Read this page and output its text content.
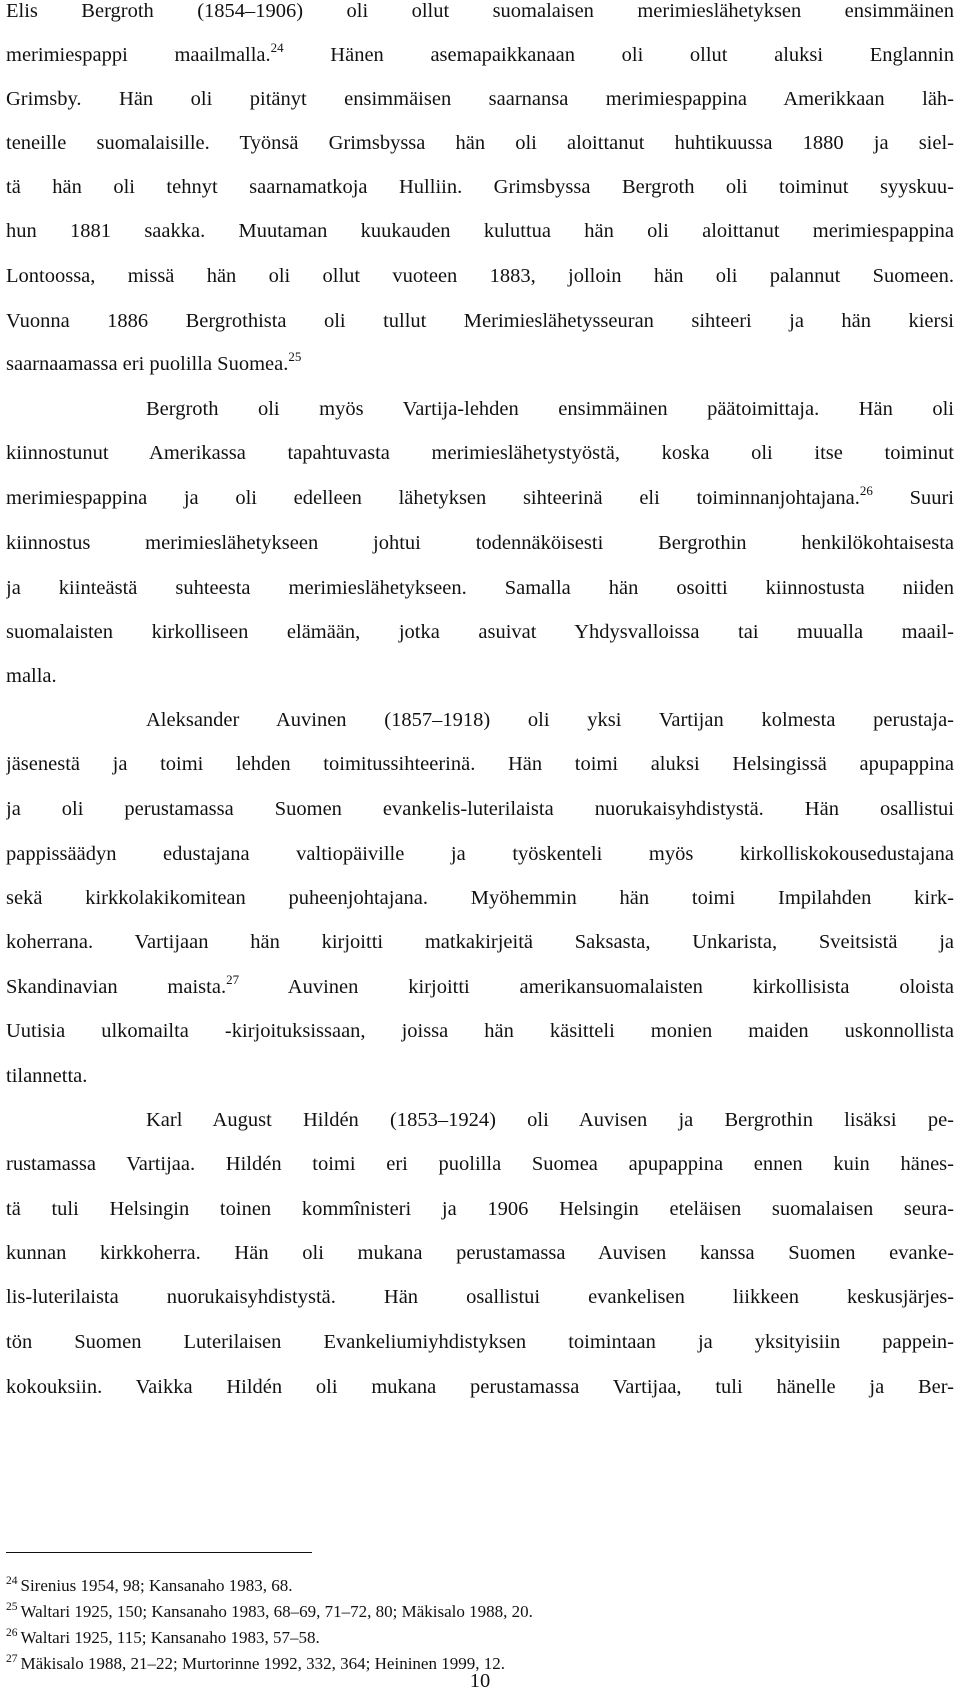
Elis Bergroth (1854–1906) oli ollut suomalaisen merimieslähetyksen ensimmäinen
merimiespappi maailmalla.$^{24}$ Hänen asemapaikkanaan oli ollut aluksi Englannin
Grimsby. Hän oli pitänyt ensimmäisen saarnansa merimiespappina Amerikkaan läh-
teneille suomalaisille. Työnsä Grimsbyssa hän oli aloittanut huhtikuussa 1880 ja siel-
tä hän oli tehnyt saarnamatkoja Hulliin. Grimsbyssa Bergroth oli toiminut syyskuu-
hun 1881 saakka. Muutaman kuukauden kuluttua hän oli aloittanut merimiespappina
Lontoossa, missä hän oli ollut vuoteen 1883, jolloin hän oli palannut Suomeen.
Vuonna 1886 Bergrothista oli tullut Merimieslähetysseuran sihteeri ja hän kiersi
saarnaamassa eri puolilla Suomea.$^{25}$
Bergroth oli myös Vartija-lehden ensimmäinen päätoimittaja. Hän oli
kiinnostunut Amerikassa tapahtuvasta merimieslähetystyöstä, koska oli itse toiminut
merimiespappina ja oli edelleen lähetyksen sihteerinä eli toiminnanjohtajana.$^{26}$ Suuri
kiinnostus merimieslähetykseen johtui todennäköisesti Bergrothin henkilökohtaisesta
ja kiinteästä suhteesta merimieslähetykseen. Samalla hän osoitti kiinnostusta niiden
suomalaisten kirkolliseen elämään, jotka asuivat Yhdysvalloissa tai muualla maail-
malla.
Aleksander Auvinen (1857–1918) oli yksi Vartijan kolmesta perustaja-
jäsenestä ja toimi lehden toimitussihteerinä. Hän toimi aluksi Helsingissä apupappina
ja oli perustamassa Suomen evankelis-luterilaista nuorukaisyhdistystä. Hän osallistui
pappissäädyn edustajana valtiopäiville ja työskenteli myös kirkolliskokousedustajana
sekä kirkkolakikomitean puheenjohtajana. Myöhemmin hän toimi Impilahden kirk-
koherrana. Vartijaan hän kirjoitti matkakirjeitä Saksasta, Unkarista, Sveitsistä ja
Skandinavian maista.$^{27}$ Auvinen kirjoitti amerikansuomalaisten kirkollisista oloista
Uutisia ulkomailta -kirjoituksissaan, joissa hän käsitteli monien maiden uskonnollista
tilannetta.
Karl August Hildén (1853–1924) oli Auvisen ja Bergrothin lisäksi pe-
rustamassa Vartijaa. Hildén toimi eri puolilla Suomea apupappina ennen kuin hänes-
tä tuli Helsingin toinen kommînisteri ja 1906 Helsingin eteläisen suomalaisen seura-
kunnan kirkkoherra. Hän oli mukana perustamassa Auvisen kanssa Suomen evanke-
lis-luterilaista nuorukaisyhdistystä. Hän osallistui evankelisen liikkeen keskusjärjes-
tön Suomen Luterilaisen Evankeliumiyhdistyksen toimintaan ja yksityisiin pappein-
kokouksiin. Vaikka Hildén oli mukana perustamassa Vartijaa, tuli hänelle ja Ber-
$^{24}$ Sirenius 1954, 98; Kansanaho 1983, 68.
$^{25}$ Waltari 1925, 150; Kansanaho 1983, 68–69, 71–72, 80; Mäkisalo 1988, 20.
$^{26}$ Waltari 1925, 115; Kansanaho 1983, 57–58.
$^{27}$ Mäkisalo 1988, 21–22; Murtorinne 1992, 332, 364; Heininen 1999, 12.
10
